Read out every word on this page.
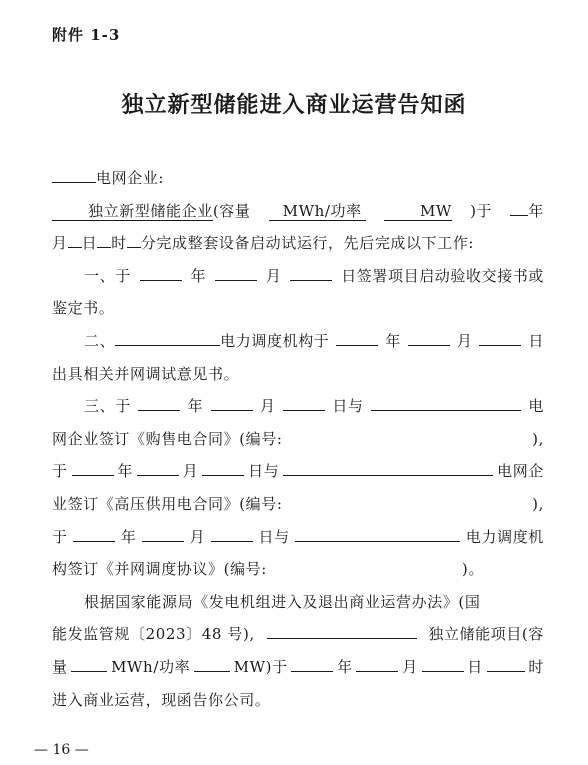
附件 1-3
独立新型储能进入商业运营告知函
电网企业:
独立新型储能企业(容量	MWh/功率	MW )于	年
月 日 时 分完成整套设备启动试运行，先后完成以下工作:
一、于	年	月	日签署项目启动验收交接书或
鉴定书。
二、	电力调度机构于	年	月	日
出具相关并网调试意见书。
三、于	年	月	日与	电
网企业签订《购售电合同》(编号:	),
于	年	月	日与	电网企
业签订《高压供用电合同》(编号:	),
于	年	月	日与	电力调度机
构签订《并网调度协议》(编号:	)。
根据国家能源局《发电机组进入及退出商业运营办法》(国
能发监管规〔2023〕48 号),	独立储能项目(容
量	MWh/功率	MW)于	年	月	日	时
进入商业运营，现函告你公司。
— 16 —
